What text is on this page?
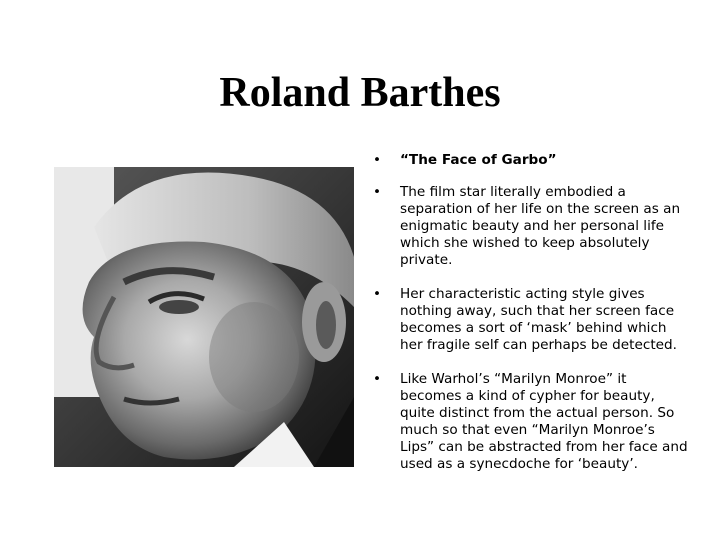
Roland Barthes
• “The Face of Garbo”
• The film star literally embodied a separation of her life on the screen as an enigmatic beauty and her personal life which she wished to keep absolutely private.
• Her characteristic acting style gives nothing away, such that her screen face becomes a sort of ‘mask’ behind which her fragile self can perhaps be detected.
• Like Warhol’s “Marilyn Monroe” it becomes a kind of cypher for beauty, quite distinct from the actual person. So much so that even “Marilyn Monroe’s Lips” can be abstracted from her face and used as a synecdoche for ‘beauty’.
